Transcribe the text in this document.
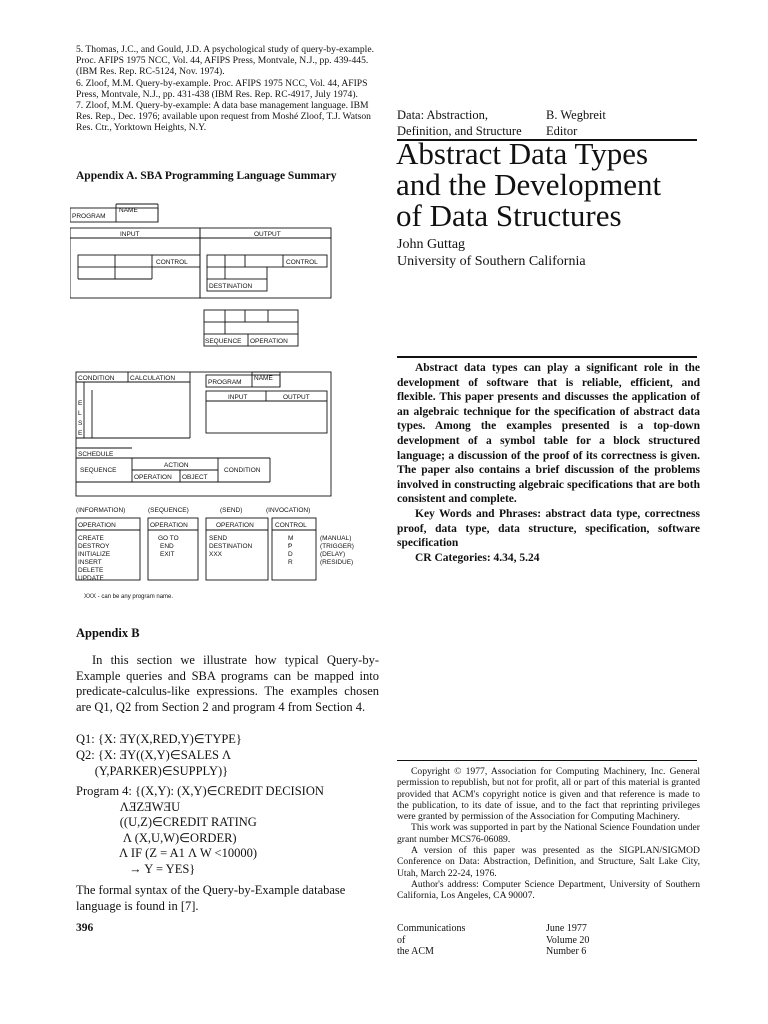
5. Thomas, J.C., and Gould, J.D. A psychological study of query-by-example. Proc. AFIPS 1975 NCC, Vol. 44, AFIPS Press, Montvale, N.J., pp. 439-445. (IBM Res. Rep. RC-5124, Nov. 1974).

6. Zloof, M.M. Query-by-example. Proc. AFIPS 1975 NCC, Vol. 44, AFIPS Press, Montvale, N.J., pp. 431-438 (IBM Res. Rep. RC-4917, July 1974).

7. Zloof, M.M. Query-by-example: A data base management language. IBM Res. Rep., Dec. 1976; available upon request from Moshé Zloof, T.J. Watson Res. Ctr., Yorktown Heights, N.Y.

Appendix A. SBA Programming Language Summary
PROGRAM
NAME
INPUT	OUTPUT
CONTROL	CONTROL
DESTINATION
SEQUENCE OPERATION
CONDITION CALCULATION
PROGRAM
NAME
INPUT	OUTPUT
E
L
S
E
SCHEDULE
SEQUENCE
ACTION
OPERATION OBJECT
CONDITION
(INFORMATION)	(SEQUENCE)	(SEND)	(INVOCATION)
OPERATION	OPERATION	OPERATION	CONTROL
CREATE
DESTROY
INITIALIZE
INSERT
DELETE
UPDATE
GO TO
END
EXIT
SEND
DESTINATION
XXX
M
Ᵽ
D
R
(MANUAL)
(TRIGGER)
(DELAY)
(RESIDUE)
XXX - can be any program name.
Appendix B
In this section we illustrate how typical Query-by-Example queries and SBA programs can be mapped into predicate-calculus-like expressions. The examples chosen are Q1, Q2 from Section 2 and program 4 from Section 4.
Q1: {X: ƎY(X,RED,Y)∈TYPE}
Q2: {X: ƎY((X,Y)∈SALES Λ
(Y,PARKER)∈SUPPLY)}
Program 4: {(X,Y): (X,Y)∈CREDIT DECISION
ΛƎZƎWƎU
((U,Z)∈CREDIT RATING
Λ (X,U,W)∈ORDER)
Λ IF (Z = A1 Λ W <10000)
→ Y = YES}
The formal syntax of the Query-by-Example database language is found in [7].
396
Data: Abstraction,
Definition, and Structure
B. Wegbreit
Editor
Abstract Data Types
and the Development
of Data Structures
John Guttag
University of Southern California

Abstract data types can play a significant role in the development of software that is reliable, efficient, and flexible. This paper presents and discusses the application of an algebraic technique for the specification of abstract data types. Among the examples presented is a top-down development of a symbol table for a block structured language; a discussion of the proof of its correctness is given. The paper also contains a brief discussion of the problems involved in constructing algebraic specifications that are both consistent and complete.

Key Words and Phrases: abstract data type, correctness proof, data type, data structure, specification, software specification

CR Categories: 4.34, 5.24

Copyright © 1977, Association for Computing Machinery, Inc. General permission to republish, but not for profit, all or part of this material is granted provided that ACM's copyright notice is given and that reference is made to the publication, to its date of issue, and to the fact that reprinting privileges were granted by permission of the Association for Computing Machinery.

This work was supported in part by the National Science Foundation under grant number MCS76-06089.

A version of this paper was presented as the SIGPLAN/SIGMOD Conference on Data: Abstraction, Definition, and Structure, Salt Lake City, Utah, March 22-24, 1976.

Author's address: Computer Science Department, University of Southern California, Los Angeles, CA 90007.

Communications
of
the ACM
June 1977
Volume 20
Number 6
